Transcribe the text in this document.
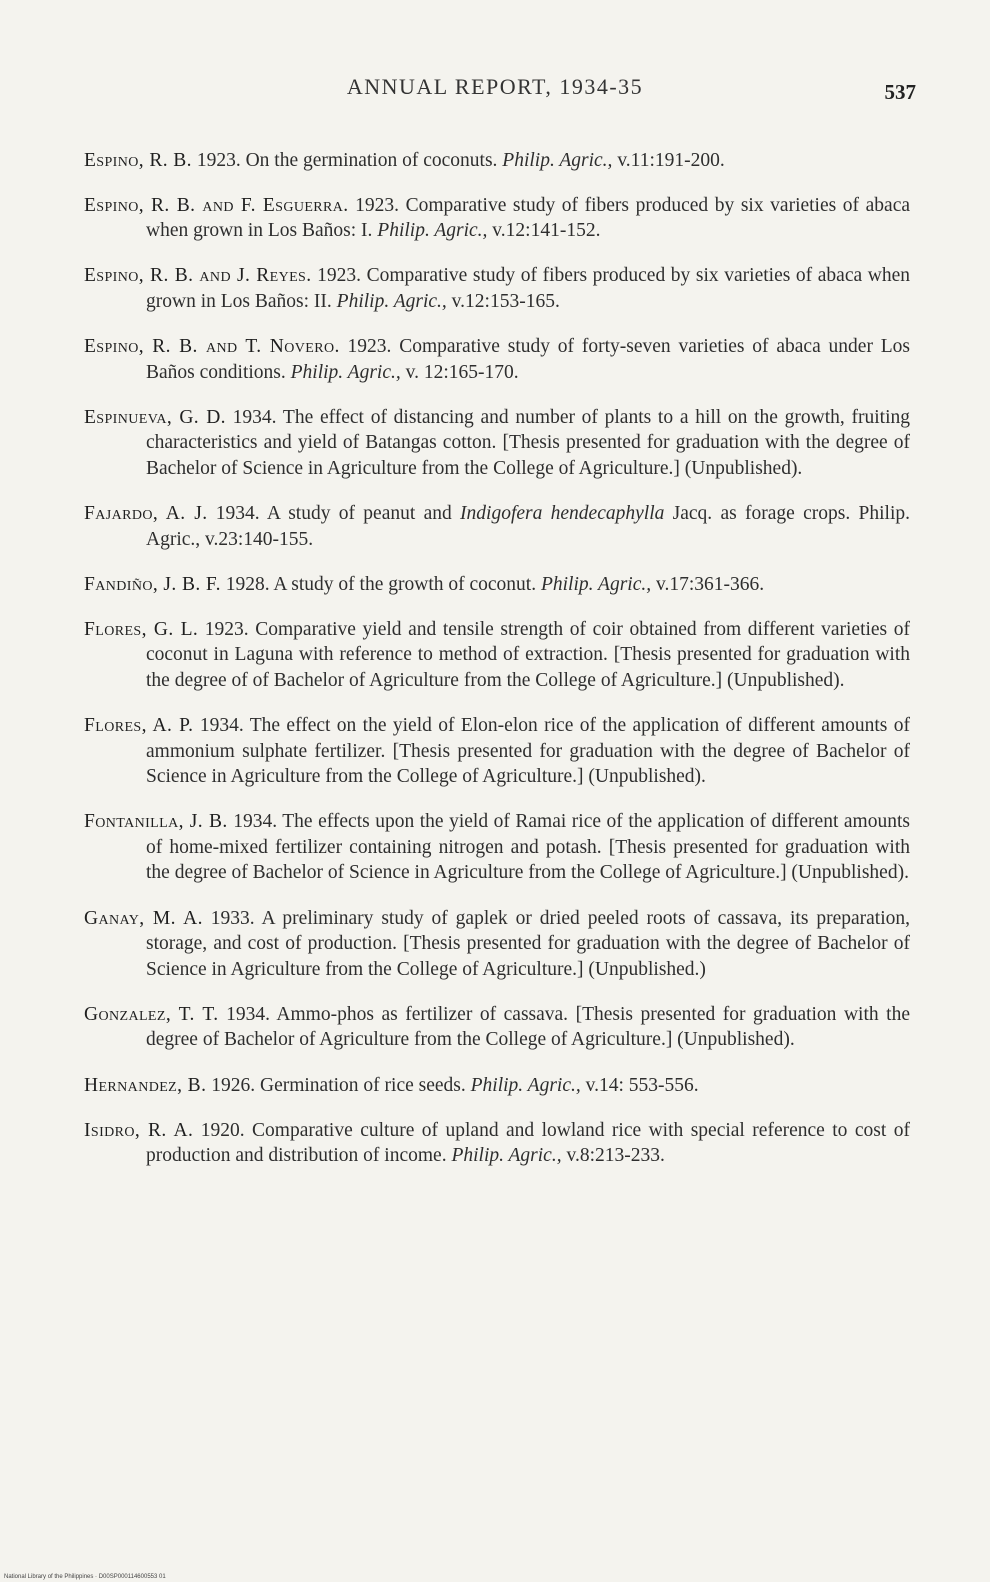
ANNUAL REPORT, 1934-35	537

Espino, R. B. 1923. On the germination of coconuts. Philip. Agric., v.11:191-200.

Espino, R. B. and F. Esguerra. 1923. Comparative study of fibers produced by six varieties of abaca when grown in Los Baños: I. Philip. Agric., v.12:141-152.

Espino, R. B. and J. Reyes. 1923. Comparative study of fibers produced by six varieties of abaca when grown in Los Baños: II. Philip. Agric., v.12:153-165.

Espino, R. B. and T. Novero. 1923. Comparative study of forty-seven varieties of abaca under Los Baños conditions. Philip. Agric., v. 12:165-170.

Espinueva, G. D. 1934. The effect of distancing and number of plants to a hill on the growth, fruiting characteristics and yield of Batangas cotton. [Thesis presented for graduation with the degree of Bachelor of Science in Agriculture from the College of Agriculture.] (Unpublished).

Fajardo, A. J. 1934. A study of peanut and Indigofera hendecaphylla Jacq. as forage crops. Philip. Agric., v.23:140-155.

Fandiño, J. B. F. 1928. A study of the growth of coconut. Philip. Agric., v.17:361-366.

Flores, G. L. 1923. Comparative yield and tensile strength of coir obtained from different varieties of coconut in Laguna with reference to method of extraction. [Thesis presented for graduation with the degree of of Bachelor of Agriculture from the College of Agriculture.] (Unpublished).

Flores, A. P. 1934. The effect on the yield of Elon-elon rice of the application of different amounts of ammonium sulphate fertilizer. [Thesis presented for graduation with the degree of Bachelor of Science in Agriculture from the College of Agriculture.] (Unpublished).

Fontanilla, J. B. 1934. The effects upon the yield of Ramai rice of the application of different amounts of home-mixed fertilizer containing nitrogen and potash. [Thesis presented for graduation with the degree of Bachelor of Science in Agriculture from the College of Agriculture.] (Unpublished).

Ganay, M. A. 1933. A preliminary study of gaplek or dried peeled roots of cassava, its preparation, storage, and cost of production. [Thesis presented for graduation with the degree of Bachelor of Science in Agriculture from the College of Agriculture.] (Unpublished.)

Gonzalez, T. T. 1934. Ammo-phos as fertilizer of cassava. [Thesis presented for graduation with the degree of Bachelor of Agriculture from the College of Agriculture.] (Unpublished).

Hernandez, B. 1926. Germination of rice seeds. Philip. Agric., v.14: 553-556.

Isidro, R. A. 1920. Comparative culture of upland and lowland rice with special reference to cost of production and distribution of income. Philip. Agric., v.8:213-233.

National Library of the Philippines · D00SP000114600553 01
